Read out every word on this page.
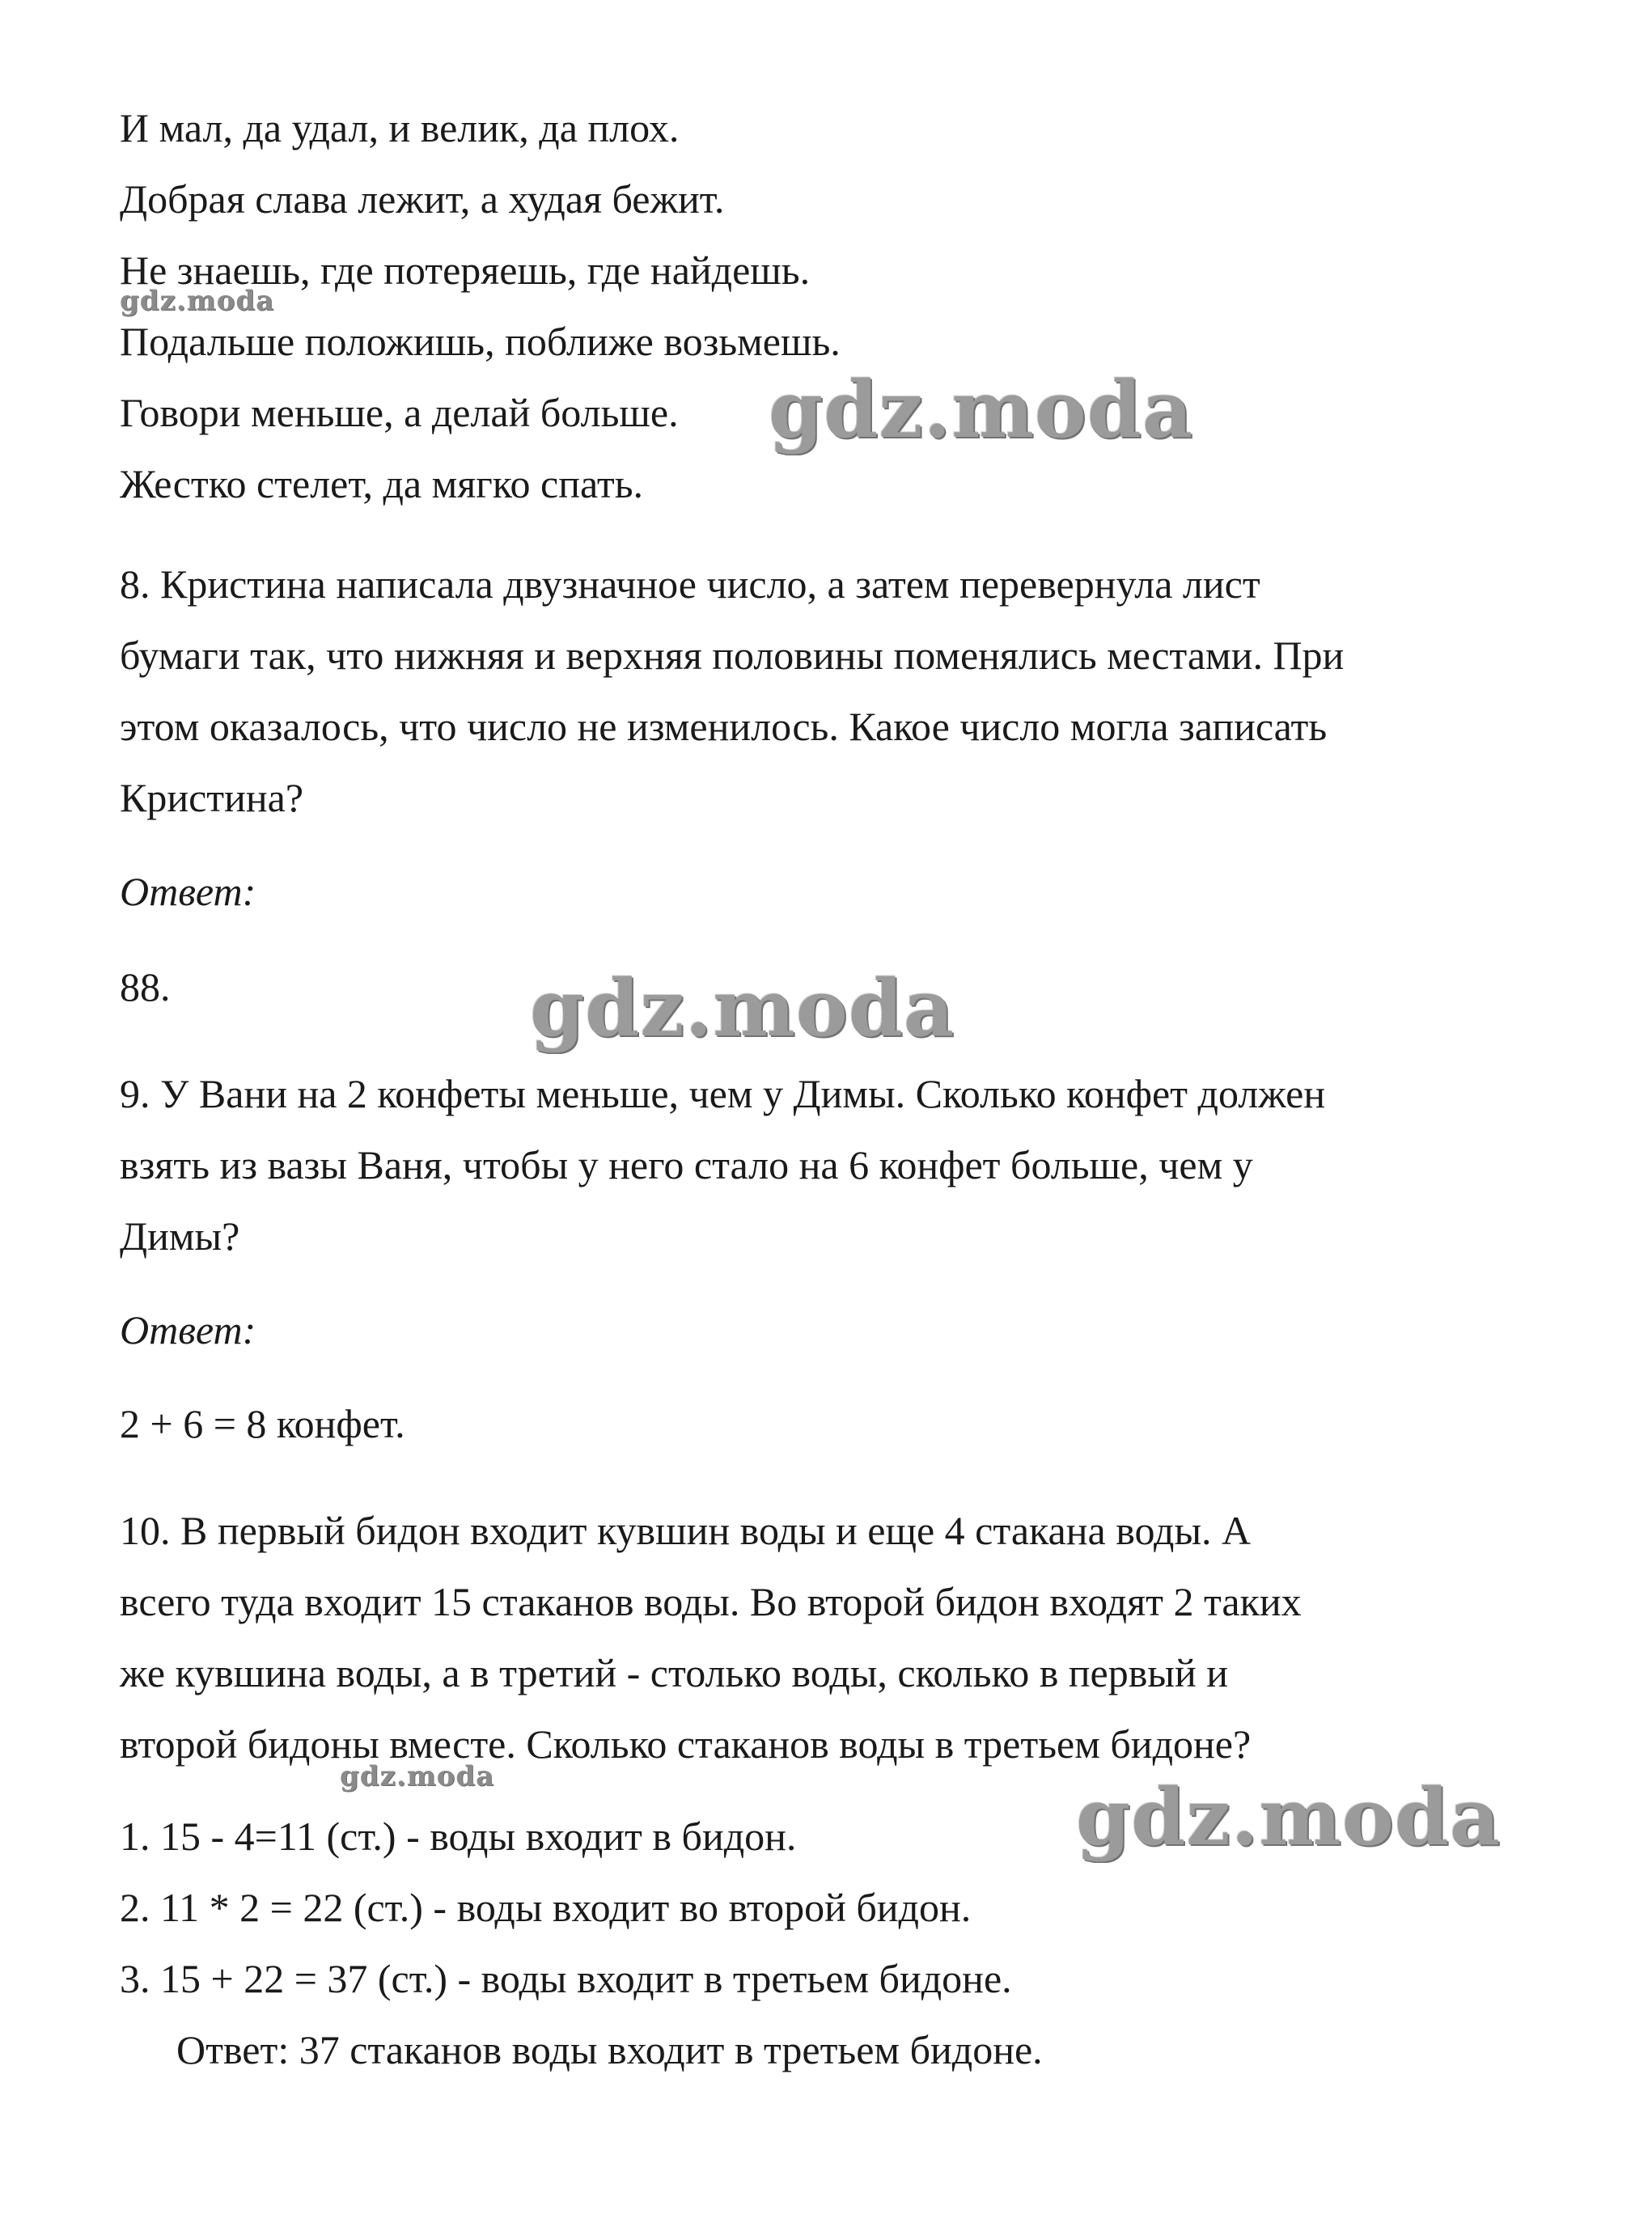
И мал, да удал, и велик, да плох.
Добрая слава лежит, а худая бежит.
Не знаешь, где потеряешь, где найдешь.
Подальше положишь, поближе возьмешь.
Говори меньше, а делай больше.
Жестко стелет, да мягко спать.
8. Кристина написала двузначное число, а затем перевернула лист
бумаги так, что нижняя и верхняя половины поменялись местами. При
этом оказалось, что число не изменилось. Какое число могла записать
Кристина?
Ответ:
88.
9. У Вани на 2 конфеты меньше, чем у Димы. Сколько конфет должен
взять из вазы Ваня, чтобы у него стало на 6 конфет больше, чем у
Димы?
Ответ:
2 + 6 = 8 конфет.
10. В первый бидон входит кувшин воды и еще 4 стакана воды. А
всего туда входит 15 стаканов воды. Во второй бидон входят 2 таких
же кувшина воды, а в третий - столько воды, сколько в первый и
второй бидоны вместе. Сколько стаканов воды в третьем бидоне?
1. 15 - 4=11 (ст.) - воды входит в бидон.
2. 11 * 2 = 22 (ст.) - воды входит во второй бидон.
3. 15 + 22 = 37 (ст.) - воды входит в третьем бидоне.
Ответ: 37 стаканов воды входит в третьем бидоне.
gdz.moda
gdz.moda
gdz.moda
gdz.moda	gdz.moda
